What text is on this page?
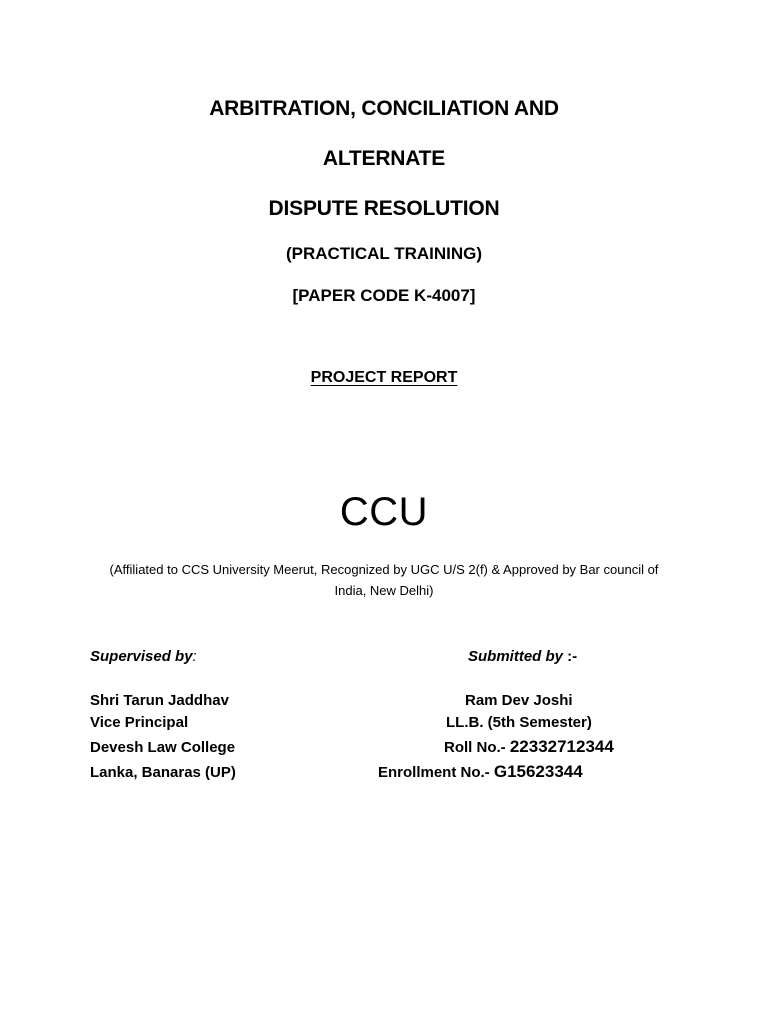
ARBITRATION, CONCILIATION AND
ALTERNATE
DISPUTE RESOLUTION
(PRACTICAL TRAINING)
[PAPER CODE K-4007]
PROJECT REPORT
CCU
(Affiliated to CCS University Meerut, Recognized by UGC U/S 2(f) & Approved by Bar council of
India, New Delhi)
Supervised by:
Shri Tarun Jaddhav
Vice Principal
Devesh Law College
Lanka, Banaras (UP)
Submitted by :-
Ram Dev Joshi
LL.B. (5th Semester)
Roll No.- 22332712344
Enrollment No.- G15623344
